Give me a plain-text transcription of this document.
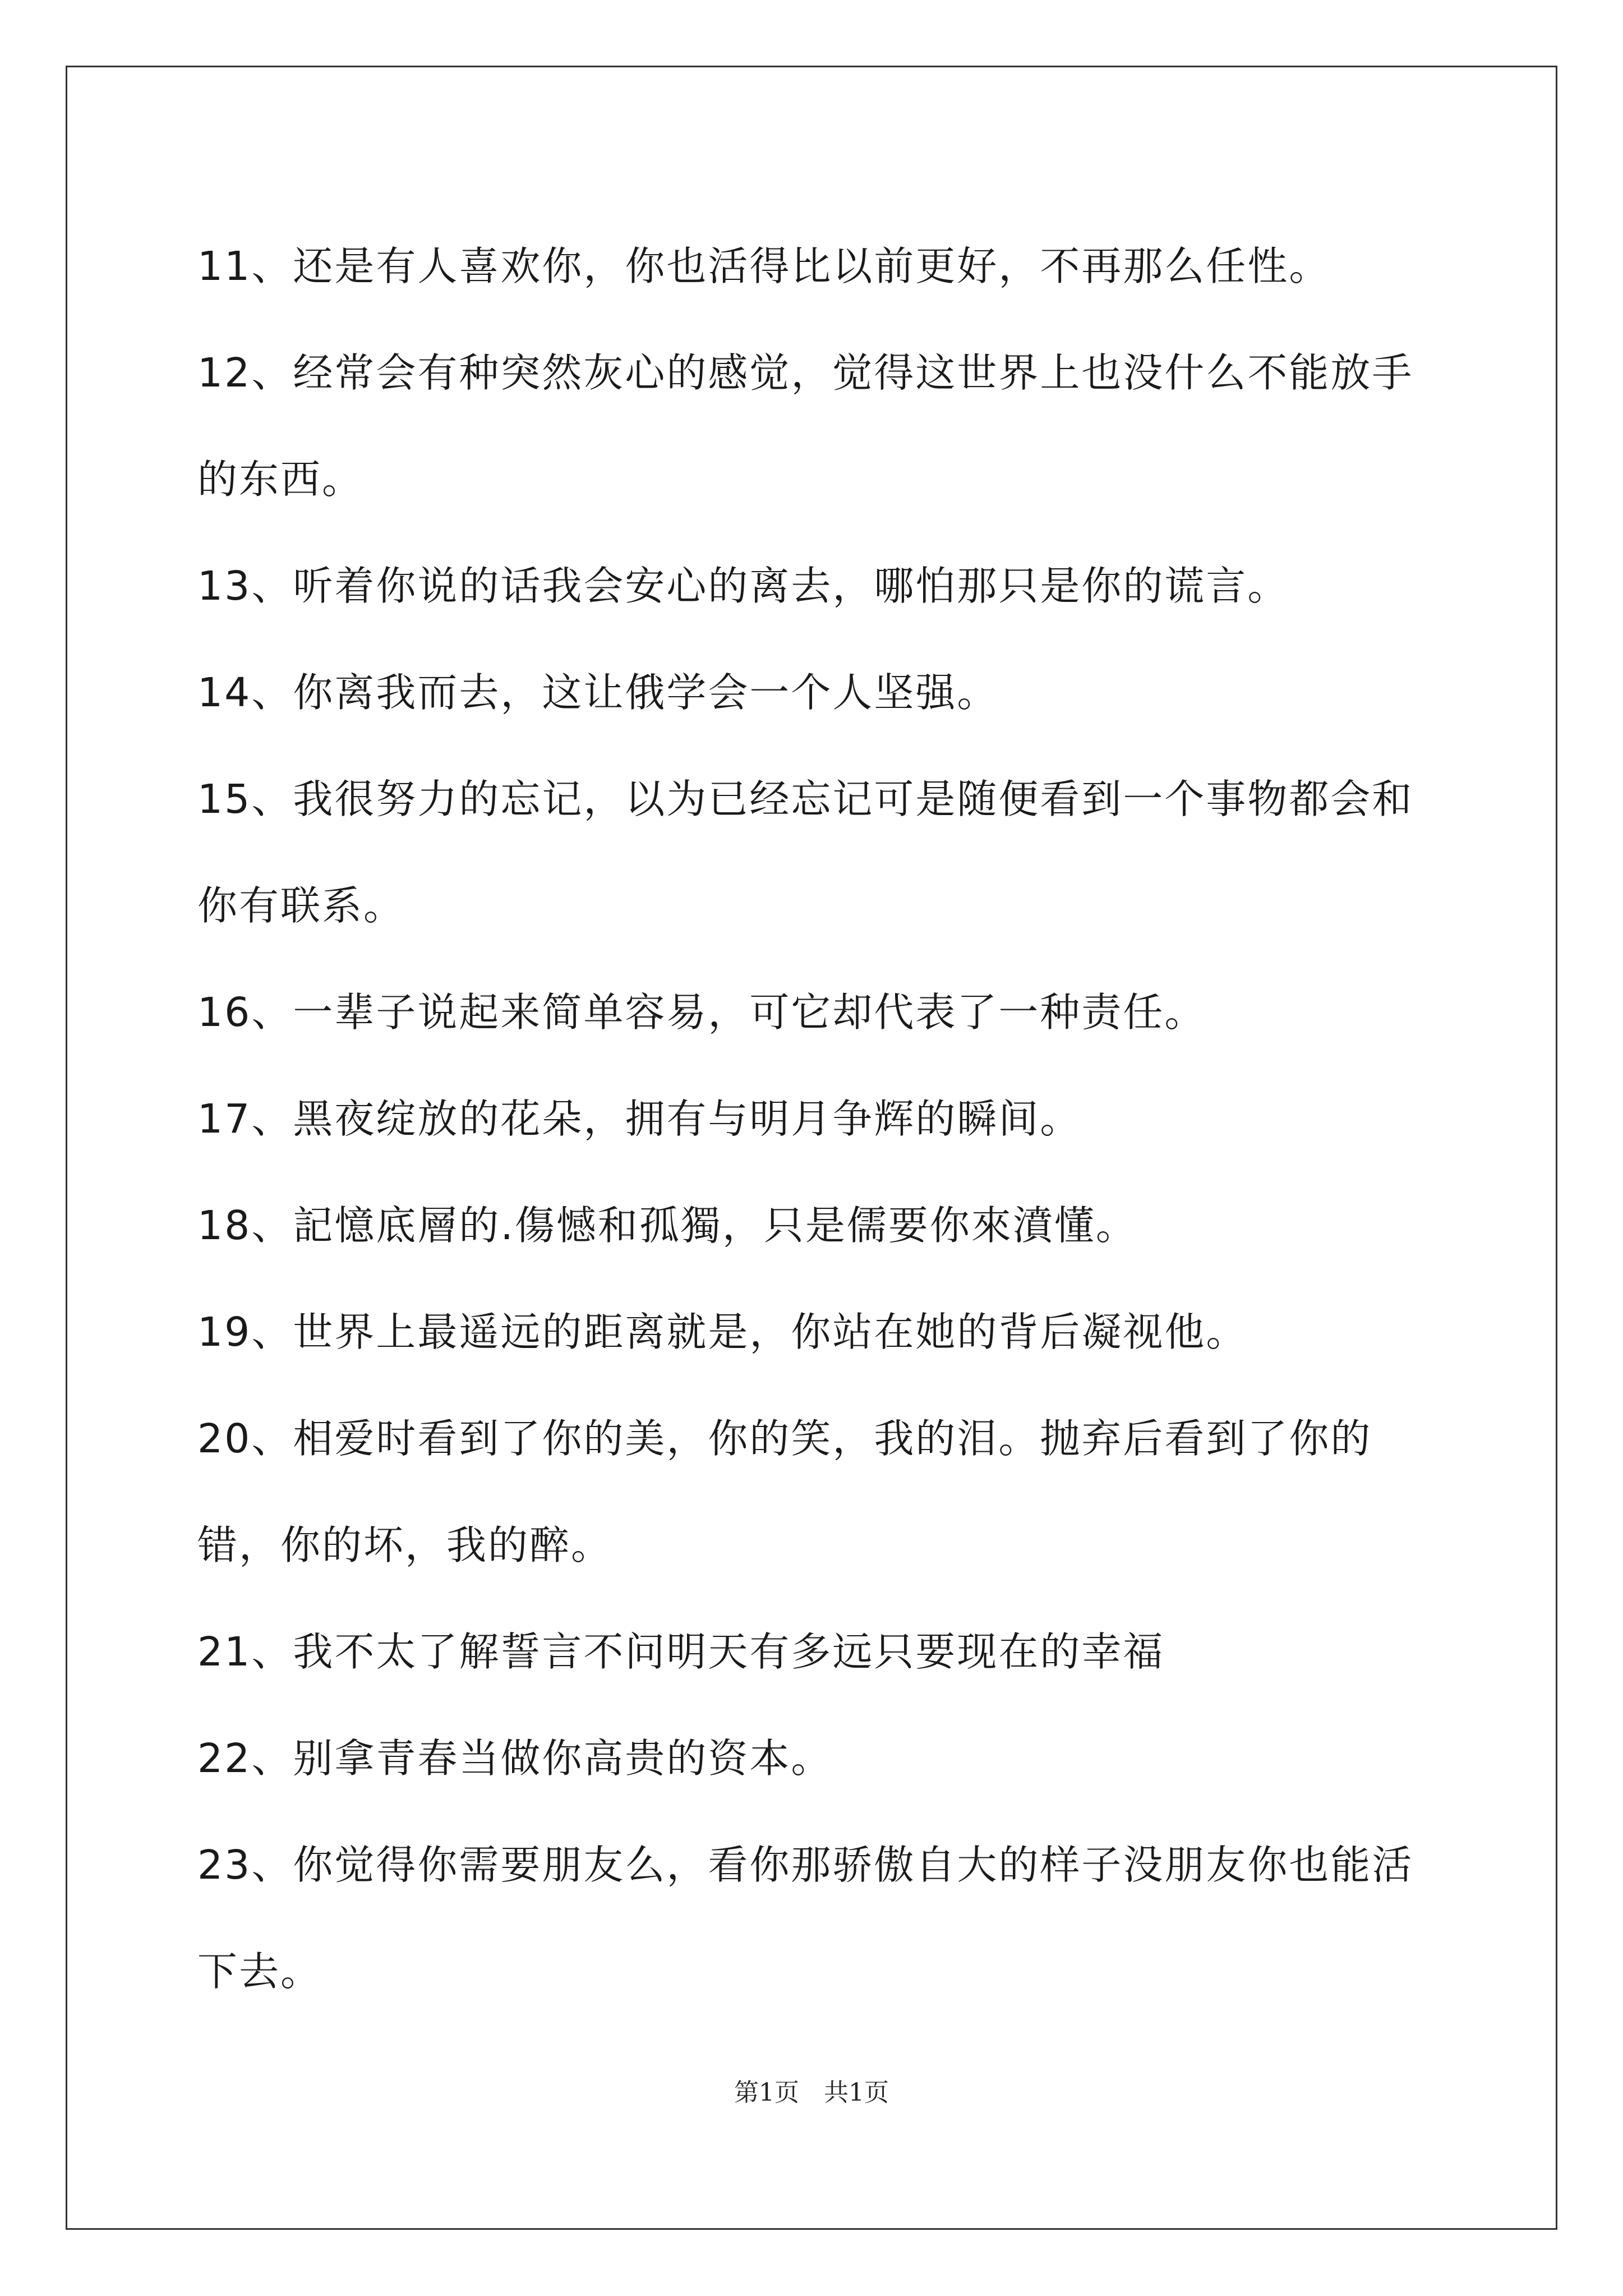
11、还是有人喜欢你，你也活得比以前更好，不再那么任性。

12、经常会有种突然灰心的感觉，觉得这世界上也没什么不能放手的东西。

13、听着你说的话我会安心的离去，哪怕那只是你的谎言。

14、你离我而去，这让俄学会一个人坚强。

15、我很努力的忘记，以为已经忘记可是随便看到一个事物都会和你有联系。

16、一辈子说起来简单容易，可它却代表了一种责任。

17、黑夜绽放的花朵，拥有与明月争辉的瞬间。

18、記憶底層的.傷憾和孤獨，只是儒要你來濆懂。

19、世界上最遥远的距离就是，你站在她的背后凝视他。

20、相爱时看到了你的美，你的笑，我的泪。抛弃后看到了你的错，你的坏，我的醉。

21、我不太了解誓言不问明天有多远只要现在的幸福

22、别拿青春当做你高贵的资本。

23、你觉得你需要朋友么，看你那骄傲自大的样子没朋友你也能活下去。

第1页 共1页
